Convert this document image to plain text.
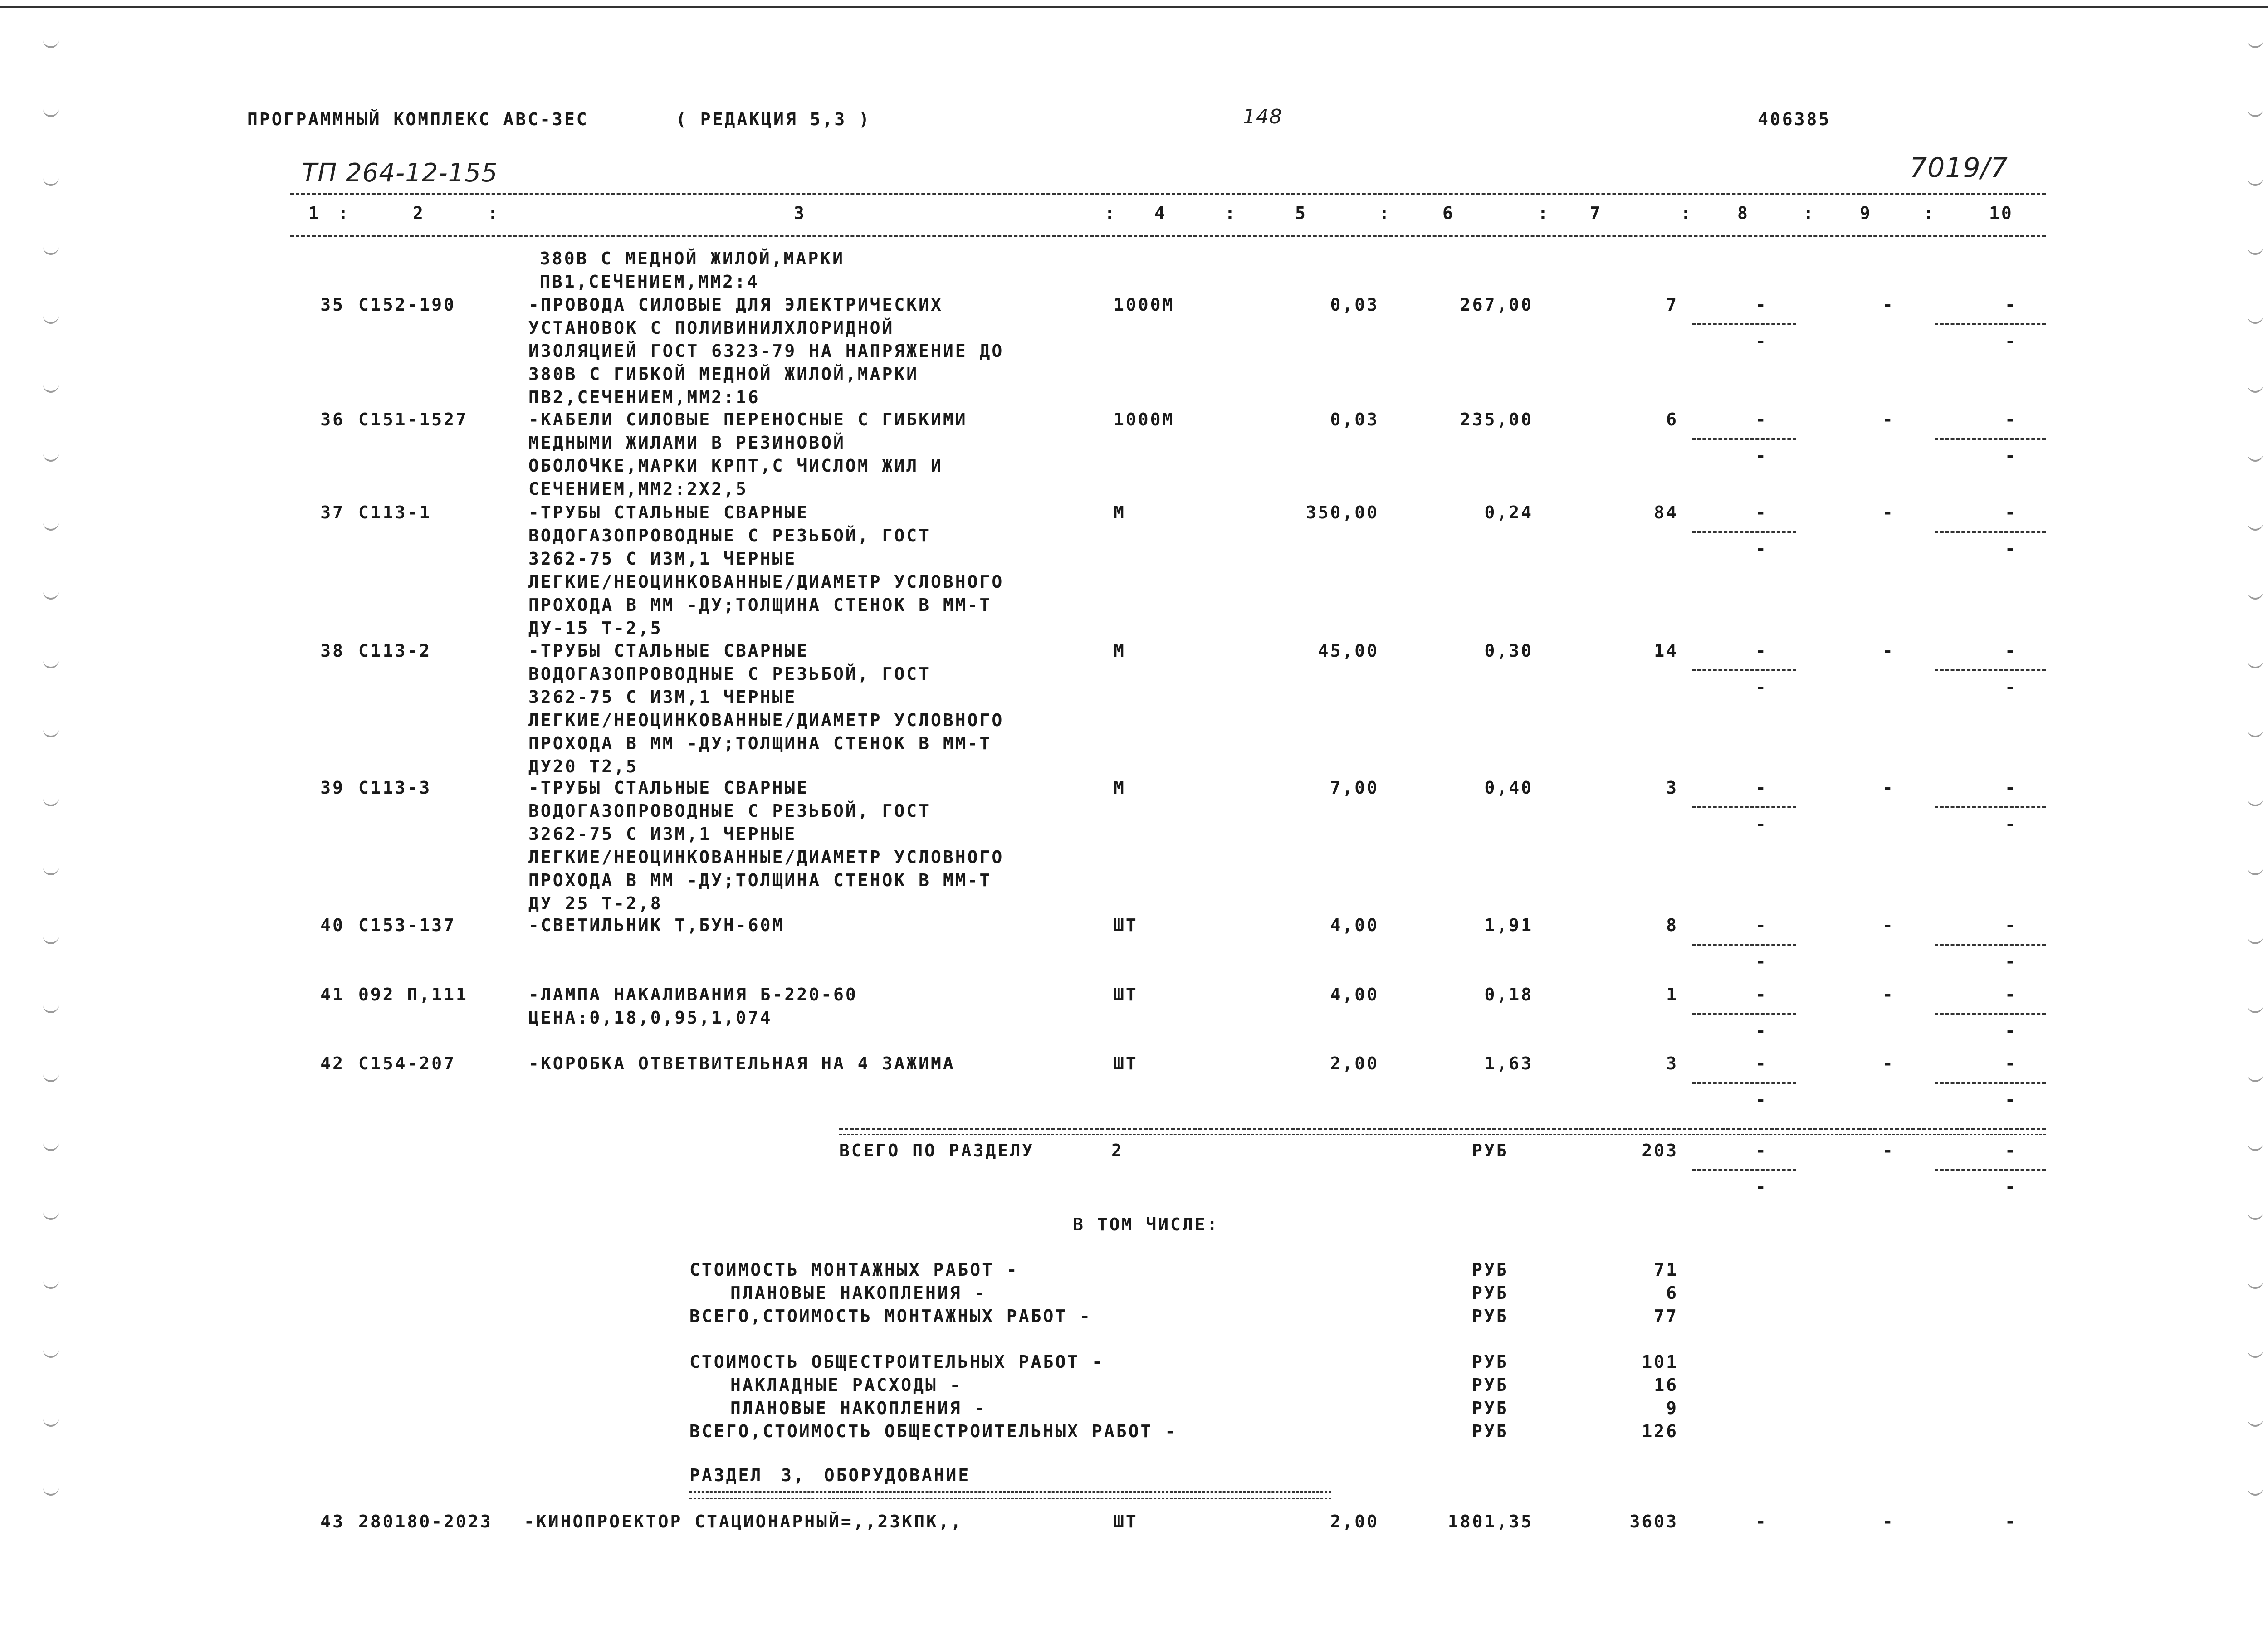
ПРОГРАММНЫЙ КОМПЛЕКС АВС-ЗЕС	( РЕДАКЦИЯ 5,3 )	148	406385
ТП 264-12-155	7019/7
1	2	3	4	5	6	7	8	9	10
:	:	:	:	:	:	:	:	:
380В С МЕДНОЙ ЖИЛОЙ,МАРКИ
ПВ1,СЕЧЕНИЕМ,ММ2:4
35 С152-190	-ПРОВОДА СИЛОВЫЕ ДЛЯ ЭЛЕКТРИЧЕСКИХ
УСТАНОВОК С ПОЛИВИНИЛХЛОРИДНОЙ
ИЗОЛЯЦИЕЙ ГОСТ 6323-79 НА НАПРЯЖЕНИЕ ДО
380В С ГИБКОЙ МЕДНОЙ ЖИЛОЙ,МАРКИ
ПВ2,СЕЧЕНИЕМ,ММ2:16
1000М	0,03	267,00	7	-	-	-
-	-
36 С151-1527	-КАБЕЛИ СИЛОВЫЕ ПЕРЕНОСНЫЕ С ГИБКИМИ
МЕДНЫМИ ЖИЛАМИ В РЕЗИНОВОЙ
ОБОЛОЧКЕ,МАРКИ КРПТ,С ЧИСЛОМ ЖИЛ И
СЕЧЕНИЕМ,ММ2:2Х2,5
1000М	0,03	235,00	6	-	-	-
-	-
37 С113-1	-ТРУБЫ СТАЛЬНЫЕ СВАРНЫЕ
ВОДОГАЗОПРОВОДНЫЕ С РЕЗЬБОЙ, ГОСТ
3262-75 С ИЗМ,1 ЧЕРНЫЕ
ЛЕГКИЕ/НЕОЦИНКОВАННЫЕ/ДИАМЕТР УСЛОВНОГО
ПРОХОДА В ММ -ДУ;ТОЛЩИНА СТЕНОК В ММ-Т
ДУ-15 Т-2,5
М	350,00	0,24	84	-	-	-
-	-
38 С113-2	-ТРУБЫ СТАЛЬНЫЕ СВАРНЫЕ
ВОДОГАЗОПРОВОДНЫЕ С РЕЗЬБОЙ, ГОСТ
3262-75 С ИЗМ,1 ЧЕРНЫЕ
ЛЕГКИЕ/НЕОЦИНКОВАННЫЕ/ДИАМЕТР УСЛОВНОГО
ПРОХОДА В ММ -ДУ;ТОЛЩИНА СТЕНОК В ММ-Т
ДУ20 Т2,5
М	45,00	0,30	14	-	-	-
-	-
39 С113-3	-ТРУБЫ СТАЛЬНЫЕ СВАРНЫЕ
ВОДОГАЗОПРОВОДНЫЕ С РЕЗЬБОЙ, ГОСТ
3262-75 С ИЗМ,1 ЧЕРНЫЕ
ЛЕГКИЕ/НЕОЦИНКОВАННЫЕ/ДИАМЕТР УСЛОВНОГО
ПРОХОДА В ММ -ДУ;ТОЛЩИНА СТЕНОК В ММ-Т
ДУ 25 Т-2,8
М	7,00	0,40	3	-	-	-
-	-
40 С153-137	-СВЕТИЛЬНИК Т,БУН-60М	ШТ	4,00	1,91	8	-	-	-
-	-
41 092 П,111	-ЛАМПА НАКАЛИВАНИЯ Б-220-60
ЦЕНА:0,18,0,95,1,074
ШТ	4,00	0,18	1	-	-	-
-	-
42 С154-207	-КОРОБКА ОТВЕТВИТЕЛЬНАЯ НА 4 ЗАЖИМА	ШТ	2,00	1,63	3	-	-	-
-	-
ВСЕГО ПО РАЗДЕЛУ	2	РУБ	203	-	-	-
-	-
В ТОМ ЧИСЛЕ:
СТОИМОСТЬ МОНТАЖНЫХ РАБОТ -	РУБ	71
ПЛАНОВЫЕ НАКОПЛЕНИЯ -	РУБ	6
ВСЕГО,СТОИМОСТЬ МОНТАЖНЫХ РАБОТ -	РУБ	77
СТОИМОСТЬ ОБЩЕСТРОИТЕЛЬНЫХ РАБОТ -	РУБ	101
НАКЛАДНЫЕ РАСХОДЫ -	РУБ	16
ПЛАНОВЫЕ НАКОПЛЕНИЯ -	РУБ	9
ВСЕГО,СТОИМОСТЬ ОБЩЕСТРОИТЕЛЬНЫХ РАБОТ -	РУБ	126
РАЗДЕЛ 3, ОБОРУДОВАНИЕ
43 280180-2023 -КИНОПРОЕКТОР СТАЦИОНАРНЫЙ=,,23КПК,,	ШТ	2,00	1801,35	3603	-	-	-
